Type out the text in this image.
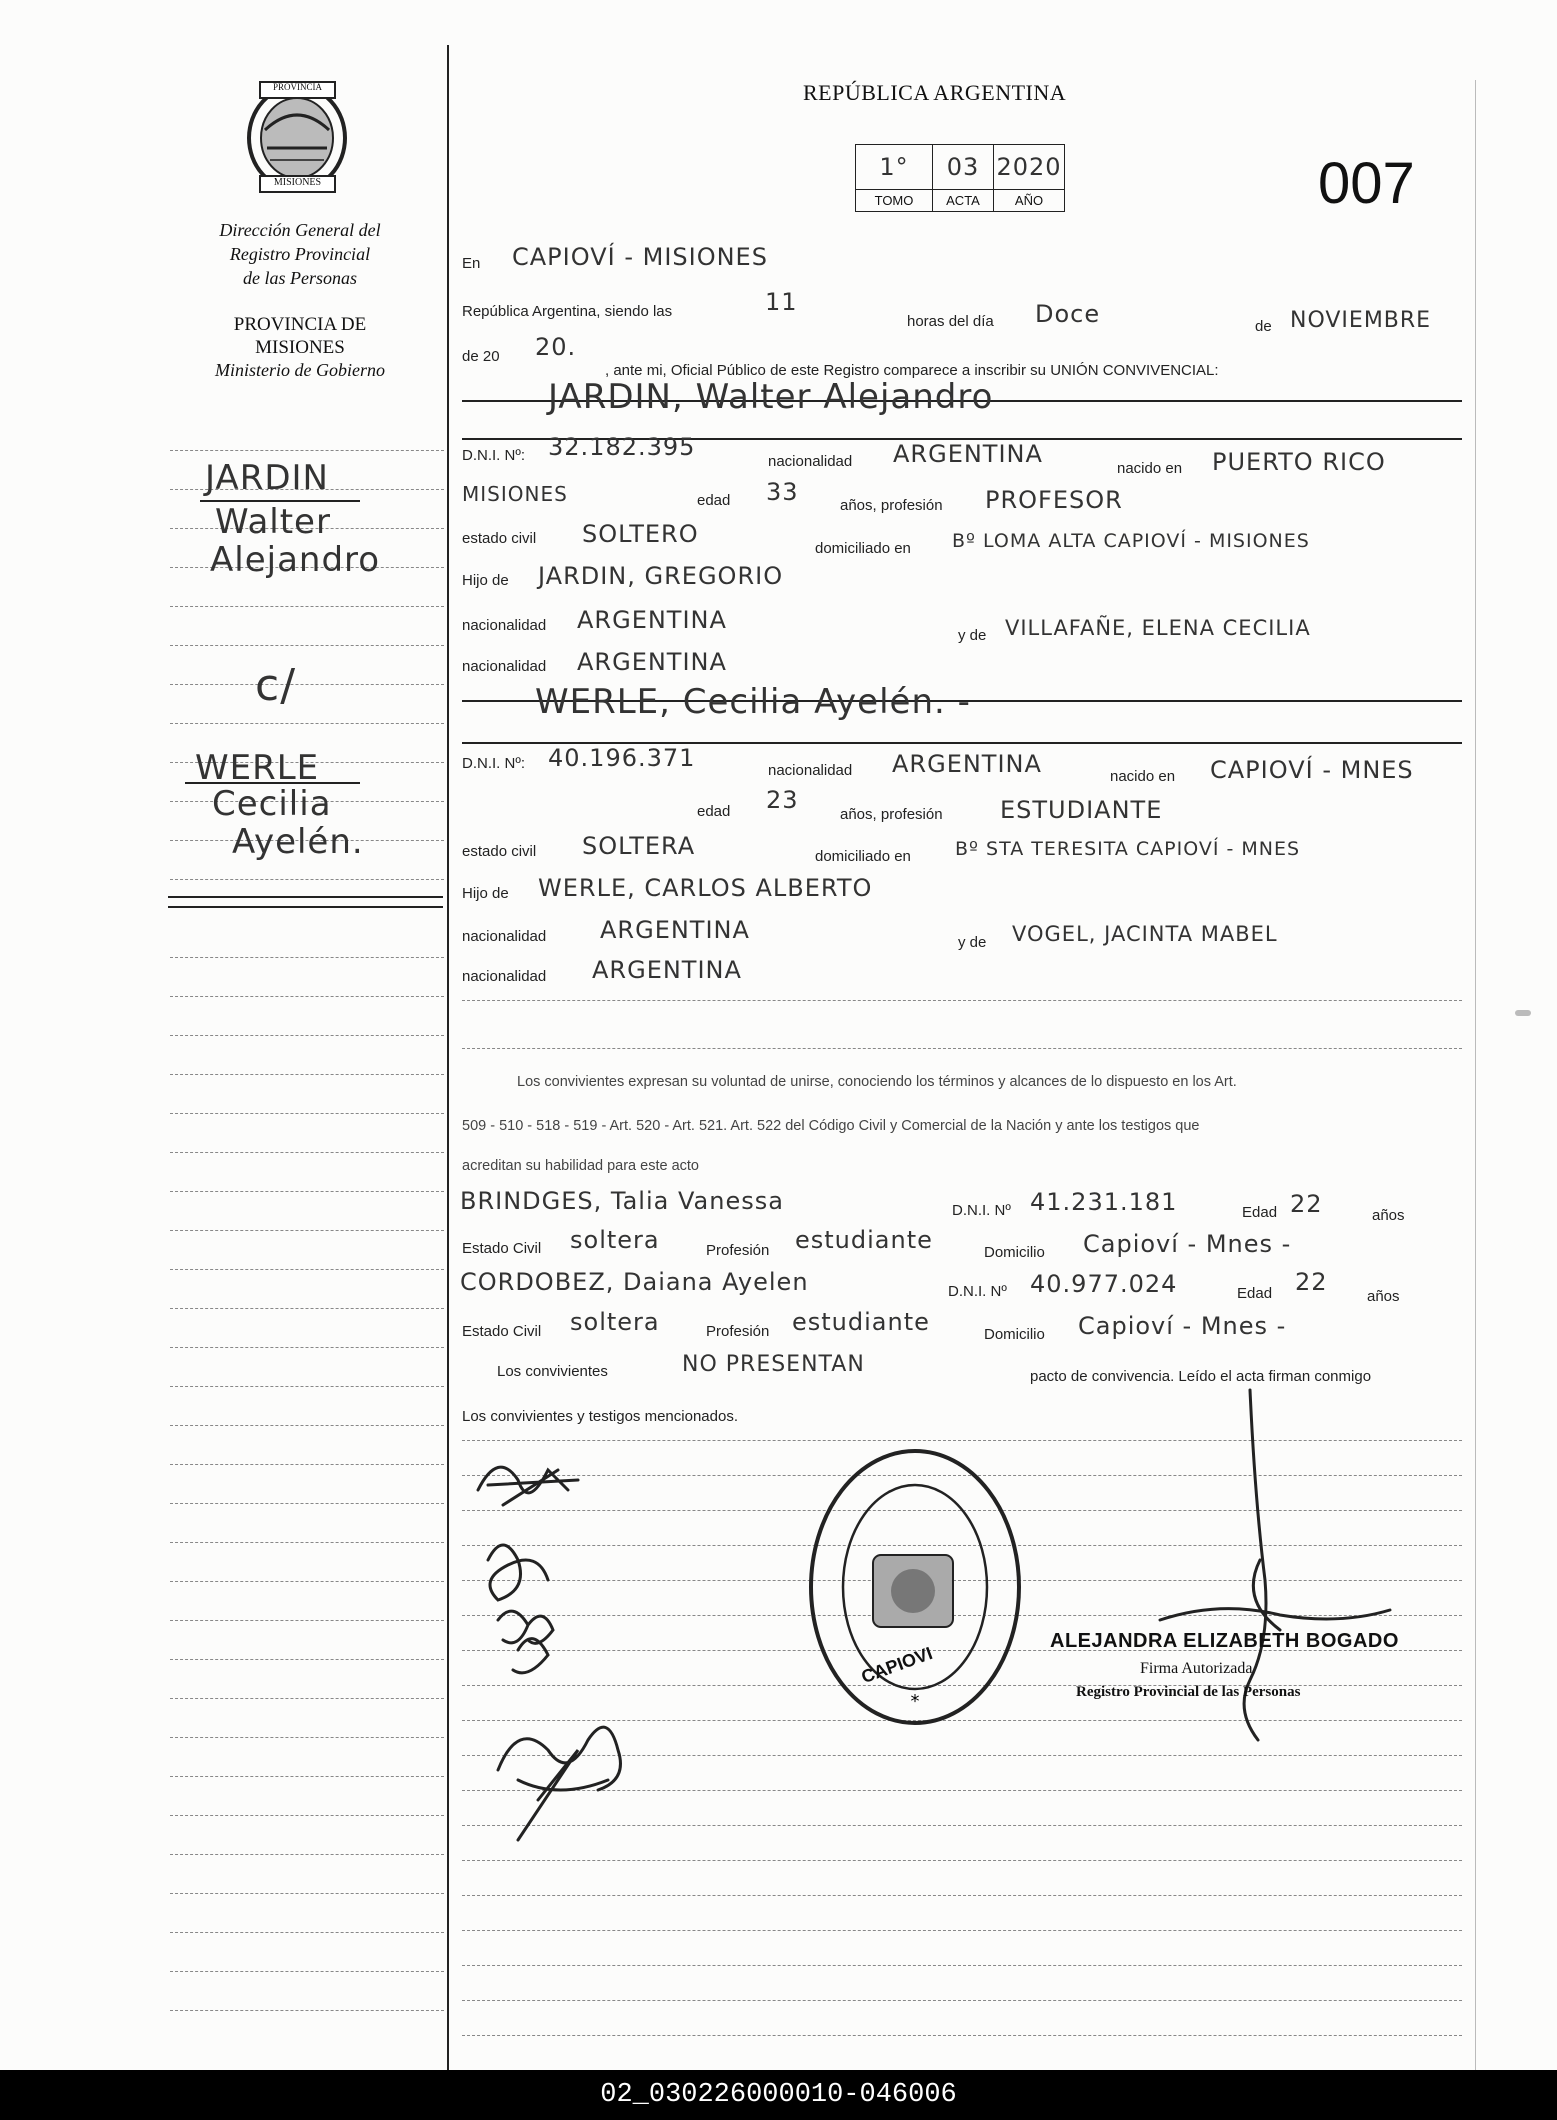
PROVINCIA
MISIONES
Dirección General del
Registro Provincial
de las Personas
PROVINCIA DE
MISIONES
Ministerio de Gobierno
JARDIN
Walter
Alejandro
c/
WERLE
Cecilia
Ayelén.
REPÚBLICA ARGENTINA
1°	03	2020
TOMO	ACTA	AÑO	007
En CAPIOVÍ - MISIONES
República Argentina, siendo las	11
horas del día Doce	de NOVIEMBRE
de 20 20.
, ante mi, Oficial Público de este Registro comparece a inscribir su UNIÓN CONVIVENCIAL:
JARDIN, Walter Alejandro
D.N.I. Nº: 32.182.395
nacionalidad ARGENTINA
nacido en PUERTO RICO
MISIONES	edad 33	años, profesión PROFESOR
estado civil SOLTERO
domiciliado en Bº LOMA ALTA CAPIOVÍ - MISIONES
Hijo de JARDIN, GREGORIO
nacionalidad ARGENTINA
y de VILLAFAÑE, ELENA CECILIA
nacionalidad ARGENTINA
WERLE, Cecilia Ayelén. -
D.N.I. Nº: 40.196.371	nacionalidad ARGENTINA	nacido en CAPIOVÍ - MNES
edad 23
años, profesión ESTUDIANTE
estado civil SOLTERA	domiciliado en Bº STA TERESITA CAPIOVÍ - MNES
Hijo de WERLE, CARLOS ALBERTO
nacionalidad ARGENTINA	y de VOGEL, JACINTA MABEL
nacionalidad ARGENTINA
Los convivientes expresan su voluntad de unirse, conociendo los términos y alcances de lo dispuesto en los Art.
509 - 510 - 518 - 519 - Art. 520 - Art. 521. Art. 522 del Código Civil y Comercial de la Nación y ante los testigos que
acreditan su habilidad para este acto
BRINDGES, Talia Vanessa	D.N.I. Nº 41.231.181	Edad 22	años
Estado Civil soltera	Profesión estudiante	Domicilio Capioví - Mnes -
CORDOBEZ, Daiana Ayelen	D.N.I. Nº 40.977.024	Edad 22
años
Estado Civil soltera	Profesión estudiante	Domicilio Capioví - Mnes -
Los convivientes	NO PRESENTAN	pacto de convivencia. Leído el acta firman conmigo
Los convivientes y testigos mencionados.
*
CAPIOVI
ALEJANDRA ELIZABETH BOGADO
Firma Autorizada
Registro Provincial de las Personas
02_030226000010-046006
